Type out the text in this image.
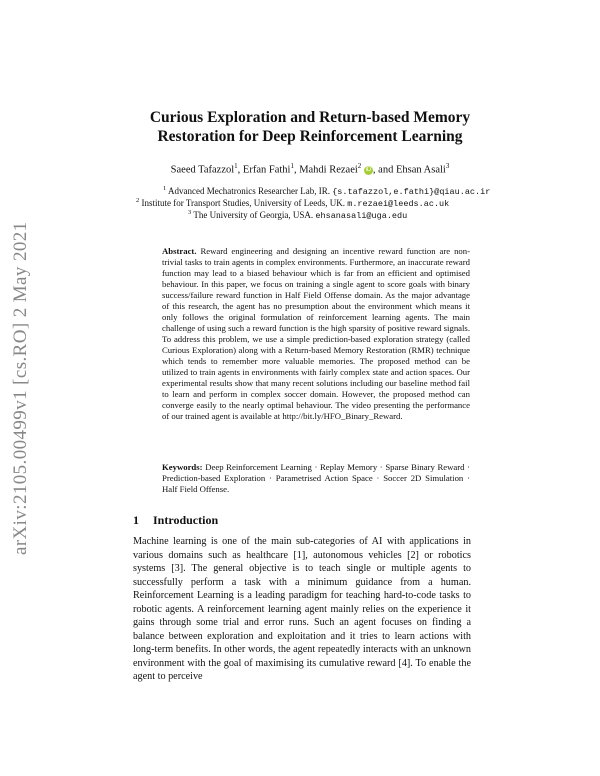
arXiv:2105.00499v1 [cs.RO] 2 May 2021
Curious Exploration and Return-based Memory
Restoration for Deep Reinforcement Learning
Saeed Tafazzol$^1$, Erfan Fathi$^1$, Mahdi Rezaei$^2$ iD , and Ehsan Asali$^3$
$^1$ Advanced Mechatronics Researcher Lab, IR. {s.tafazzol,e.fathi}@qiau.ac.ir
$^2$ Institute for Transport Studies, University of Leeds, UK. m.rezaei@leeds.ac.uk
$^3$ The University of Georgia, USA. ehsanasali@uga.edu
Abstract. Reward engineering and designing an incentive reward function are non-trivial tasks to train agents in complex environments. Furthermore, an inaccurate reward function may lead to a biased behaviour which is far from an efficient and optimised behaviour. In this paper, we focus on training a single agent to score goals with binary success/failure reward function in Half Field Offense domain. As the major advantage of this research, the agent has no presumption about the environment which means it only follows the original formulation of reinforcement learning agents. The main challenge of using such a reward function is the high sparsity of positive reward signals. To address this problem, we use a simple prediction-based exploration strategy (called Curious Exploration) along with a Return-based Memory Restoration (RMR) technique which tends to remember more valuable memories. The proposed method can be utilized to train agents in environments with fairly complex state and action spaces. Our experimental results show that many recent solutions including our baseline method fail to learn and perform in complex soccer domain. However, the proposed method can converge easily to the nearly optimal behaviour. The video presenting the performance of our trained agent is available at http://bit.ly/HFO_Binary_Reward.
Keywords: Deep Reinforcement Learning · Replay Memory · Sparse Binary Reward · Prediction-based Exploration · Parametrised Action Space · Soccer 2D Simulation · Half Field Offense.
1 Introduction
Machine learning is one of the main sub-categories of AI with applications in various domains such as healthcare [1], autonomous vehicles [2] or robotics systems [3]. The general objective is to teach single or multiple agents to successfully perform a task with a minimum guidance from a human. Reinforcement Learning is a leading paradigm for teaching hard-to-code tasks to robotic agents. A reinforcement learning agent mainly relies on the experience it gains through some trial and error runs. Such an agent focuses on finding a balance between exploration and exploitation and it tries to learn actions with long-term benefits. In other words, the agent repeatedly interacts with an unknown environment with the goal of maximising its cumulative reward [4]. To enable the agent to perceive
